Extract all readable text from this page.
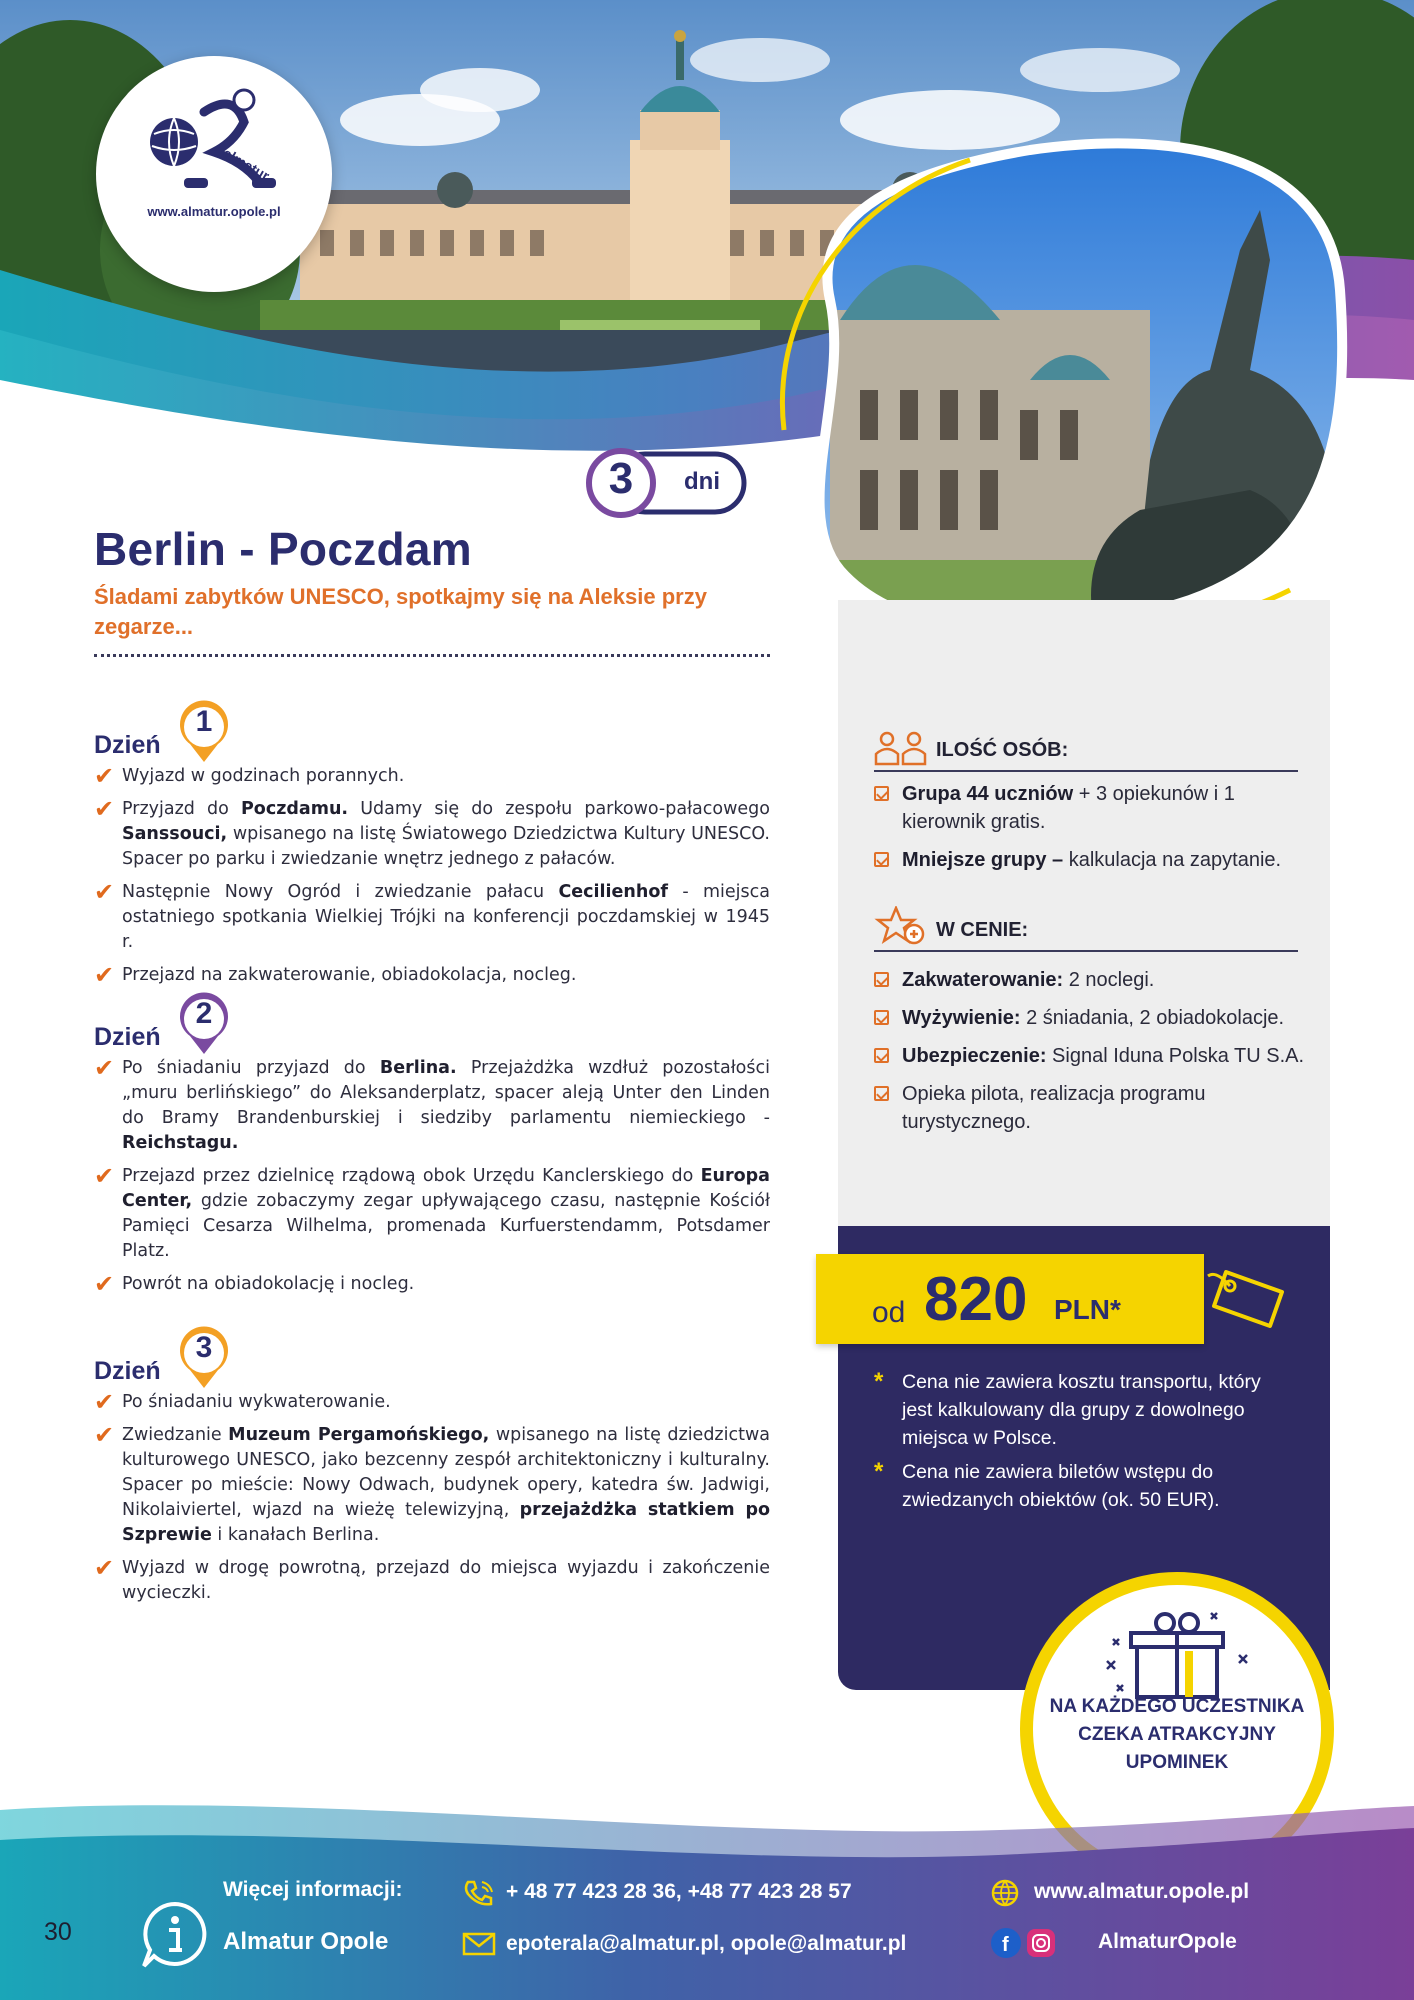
almatur
www.almatur.opole.pl
3	dni
Berlin - Poczdam
Śladami zabytków UNESCO, spotkajmy się na Aleksie przy zegarze...
Dzień
1
✔ Wyjazd w godzinach porannych.
✔ Przyjazd do Poczdamu. Udamy się do zespołu parkowo-pałacowego Sanssouci, wpisanego na listę Światowego Dziedzictwa Kultury UNESCO. Spacer po parku i zwiedzanie wnętrz jednego z pałaców.
✔ Następnie Nowy Ogród i zwiedzanie pałacu Cecilienhof - miejsca ostatniego spotkania Wielkiej Trójki na konferencji poczdamskiej w 1945 r.
✔ Przejazd na zakwaterowanie, obiadokolacja, nocleg.
Dzień
2
✔ Po śniadaniu przyjazd do Berlina. Przejażdżka wzdłuż pozostałości „muru berlińskiego” do Aleksanderplatz, spacer aleją Unter den Linden do Bramy Brandenburskiej i siedziby parlamentu niemieckiego - Reichstagu.
✔ Przejazd przez dzielnicę rządową obok Urzędu Kanclerskiego do Europa Center, gdzie zobaczymy zegar upływającego czasu, następnie Kościół Pamięci Cesarza Wilhelma, promenada Kurfuerstendamm, Potsdamer Platz.
✔ Powrót na obiadokolację i nocleg.
Dzień
3
✔ Po śniadaniu wykwaterowanie.
✔ Zwiedzanie Muzeum Pergamońskiego, wpisanego na listę dziedzictwa kulturowego UNESCO, jako bezcenny zespół architektoniczny i kulturalny. Spacer po mieście: Nowy Odwach, budynek opery, katedra św. Jadwigi, Nikolaiviertel, wjazd na wieżę telewizyjną, przejażdżka statkiem po Szprewie i kanałach Berlina.
✔ Wyjazd w drogę powrotną, przejazd do miejsca wyjazdu i zakończenie wycieczki.
ILOŚĆ OSÓB:
Grupa 44 uczniów + 3 opiekunów i 1 kierownik gratis.
Mniejsze grupy – kalkulacja na zapytanie.
W CENIE:
Zakwaterowanie: 2 noclegi.
Wyżywienie: 2 śniadania, 2 obiadokolacje.
Ubezpieczenie: Signal Iduna Polska TU S.A.
Opieka pilota, realizacja programu turystycznego.
od 820 PLN*
* Cena nie zawiera kosztu transportu, który jest kalkulowany dla grupy z dowolnego miejsca w Polsce.
* Cena nie zawiera biletów wstępu do zwiedzanych obiektów (ok. 50 EUR).
NA KAŻDEGO UCZESTNIKA CZEKA ATRAKCYJNY UPOMINEK
30
Więcej informacji:
Almatur Opole
+ 48 77 423 28 36, +48 77 423 28 57
epoterala@almatur.pl, opole@almatur.pl
www.almatur.opole.pl
f	AlmaturOpole
